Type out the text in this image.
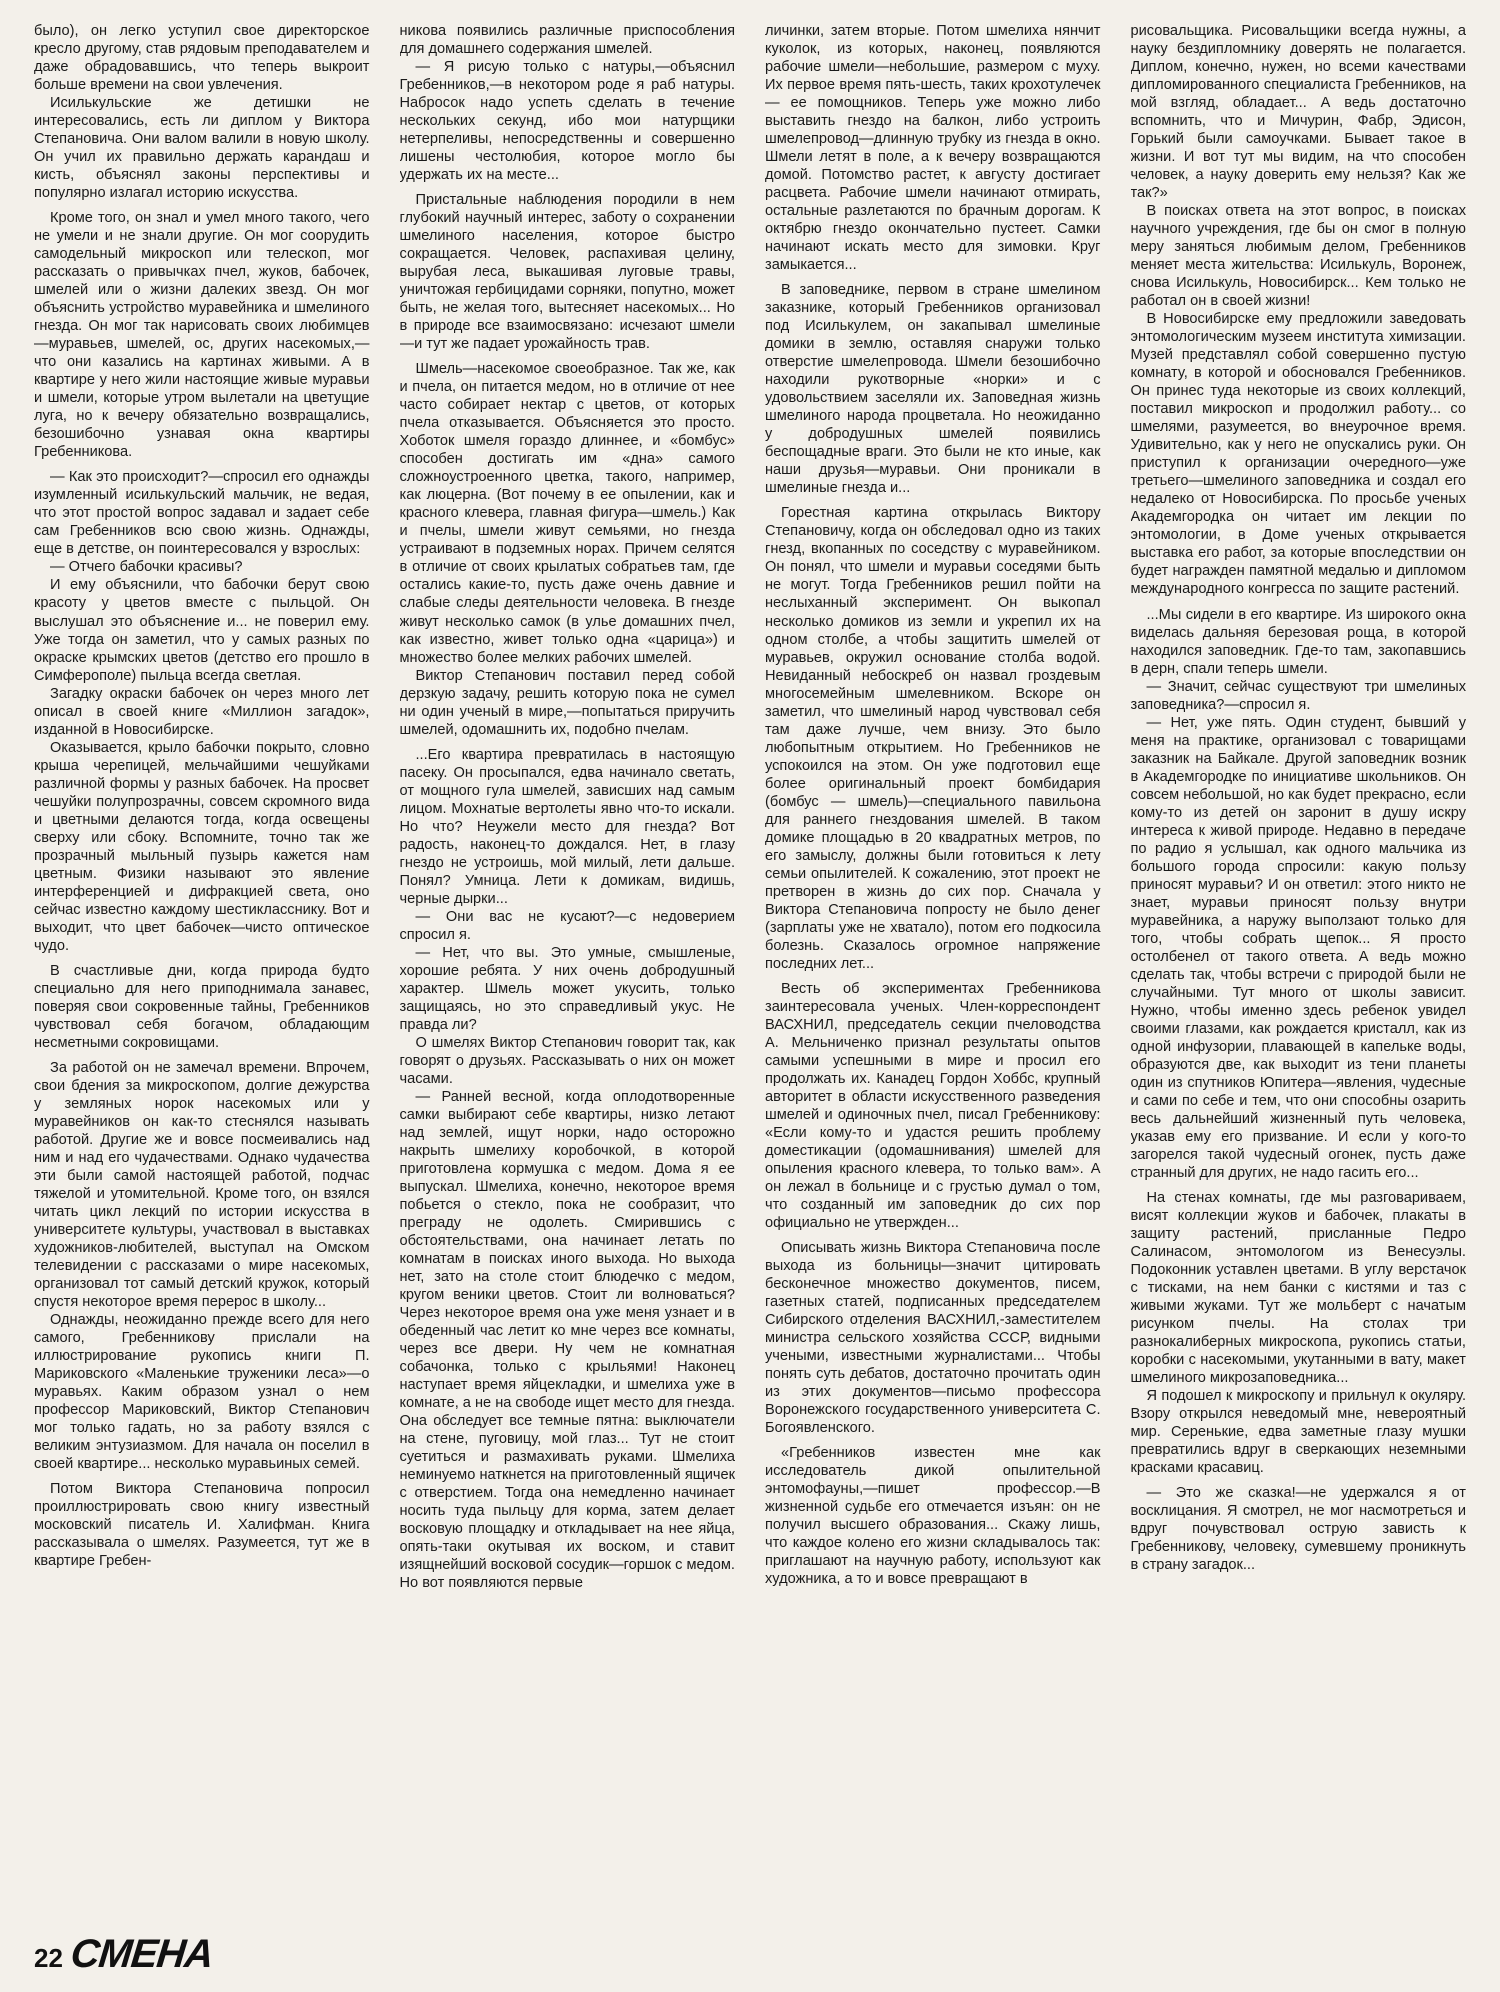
было), он легко уступил свое директорское кресло другому, став рядовым преподавателем и даже обрадовавшись, что теперь выкроит больше времени на свои увлечения.

Исилькульские же детишки не интересовались, есть ли диплом у Виктора Степановича. Они валом валили в новую школу. Он учил их правильно держать карандаш и кисть, объяснял законы перспективы и популярно излагал историю искусства.

Кроме того, он знал и умел много такого, чего не умели и не знали другие. Он мог соорудить самодельный микроскоп или телескоп, мог рассказать о привычках пчел, жуков, бабочек, шмелей или о жизни далеких звезд. Он мог объяснить устройство муравейника и шмелиного гнезда. Он мог так нарисовать своих любимцев—муравьев, шмелей, ос, других насекомых,—что они казались на картинах живыми. А в квартире у него жили настоящие живые муравьи и шмели, которые утром вылетали на цветущие луга, но к вечеру обязательно возвращались, безошибочно узнавая окна квартиры Гребенникова.

— Как это происходит?—спросил его однажды изумленный исилькульский мальчик, не ведая, что этот простой вопрос задавал и задает себе сам Гребенников всю свою жизнь. Однажды, еще в детстве, он поинтересовался у взрослых:

— Отчего бабочки красивы?

И ему объяснили, что бабочки берут свою красоту у цветов вместе с пыльцой. Он выслушал это объяснение и... не поверил ему. Уже тогда он заметил, что у самых разных по окраске крымских цветов (детство его прошло в Симферополе) пыльца всегда светлая.

Загадку окраски бабочек он через много лет описал в своей книге «Миллион загадок», изданной в Новосибирске.

Оказывается, крыло бабочки покрыто, словно крыша черепицей, мельчайшими чешуйками различной формы у разных бабочек. На просвет чешуйки полупрозрачны, совсем скромного вида и цветными делаются тогда, когда освещены сверху или сбоку. Вспомните, точно так же прозрачный мыльный пузырь кажется нам цветным. Физики называют это явление интерференцией и дифракцией света, оно сейчас известно каждому шестикласснику. Вот и выходит, что цвет бабочек—чисто оптическое чудо.

В счастливые дни, когда природа будто специально для него приподнимала занавес, поверяя свои сокровенные тайны, Гребенников чувствовал себя богачом, обладающим несметными сокровищами.

За работой он не замечал времени. Впрочем, свои бдения за микроскопом, долгие дежурства у земляных норок насекомых или у муравейников он как-то стеснялся называть работой. Другие же и вовсе посмеивались над ним и над его чудачествами. Однако чудачества эти были самой настоящей работой, подчас тяжелой и утомительной. Кроме того, он взялся читать цикл лекций по истории искусства в университете культуры, участвовал в выставках художников-любителей, выступал на Омском телевидении с рассказами о мире насекомых, организовал тот самый детский кружок, который спустя некоторое время перерос в школу...

Однажды, неожиданно прежде всего для него самого, Гребенникову прислали на иллюстрирование рукопись книги П. Мариковского «Маленькие труженики леса»—о муравьях. Каким образом узнал о нем профессор Мариковский, Виктор Степанович мог только гадать, но за работу взялся с великим энтузиазмом. Для начала он поселил в своей квартире... несколько муравьиных семей.

Потом Виктора Степановича попросил проиллюстрировать свою книгу известный московский писатель И. Халифман. Книга рассказывала о шмелях. Разумеется, тут же в квартире Гребен-

никова появились различные приспособления для домашнего содержания шмелей.

— Я рисую только с натуры,—объяснил Гребенников,—в некотором роде я раб натуры. Набросок надо успеть сделать в течение нескольких секунд, ибо мои натурщики нетерпеливы, непосредственны и совершенно лишены честолюбия, которое могло бы удержать их на месте...

Пристальные наблюдения породили в нем глубокий научный интерес, заботу о сохранении шмелиного населения, которое быстро сокращается. Человек, распахивая целину, вырубая леса, выкашивая луговые травы, уничтожая гербицидами сорняки, попутно, может быть, не желая того, вытесняет насекомых... Но в природе все взаимосвязано: исчезают шмели—и тут же падает урожайность трав.

Шмель—насекомое своеобразное. Так же, как и пчела, он питается медом, но в отличие от нее часто собирает нектар с цветов, от которых пчела отказывается. Объясняется это просто. Хоботок шмеля гораздо длиннее, и «бомбус» способен достигать им «дна» самого сложноустроенного цветка, такого, например, как люцерна. (Вот почему в ее опылении, как и красного клевера, главная фигура—шмель.) Как и пчелы, шмели живут семьями, но гнезда устраивают в подземных норах. Причем селятся в отличие от своих крылатых собратьев там, где остались какие-то, пусть даже очень давние и слабые следы деятельности человека. В гнезде живут несколько самок (в улье домашних пчел, как известно, живет только одна «царица») и множество более мелких рабочих шмелей.

Виктор Степанович поставил перед собой дерзкую задачу, решить которую пока не сумел ни один ученый в мире,—попытаться приручить шмелей, одомашнить их, подобно пчелам.

...Его квартира превратилась в настоящую пасеку. Он просыпался, едва начинало светать, от мощного гула шмелей, зависших над самым лицом. Мохнатые вертолеты явно что-то искали. Но что? Неужели место для гнезда? Вот радость, наконец-то дождался. Нет, в глазу гнездо не устроишь, мой милый, лети дальше. Понял? Умница. Лети к домикам, видишь, черные дырки...

— Они вас не кусают?—с недоверием спросил я.

— Нет, что вы. Это умные, смышленые, хорошие ребята. У них очень добродушный характер. Шмель может укусить, только защищаясь, но это справедливый укус. Не правда ли?

О шмелях Виктор Степанович говорит так, как говорят о друзьях. Рассказывать о них он может часами.

— Ранней весной, когда оплодотворенные самки выбирают себе квартиры, низко летают над землей, ищут норки, надо осторожно накрыть шмелиху коробочкой, в которой приготовлена кормушка с медом. Дома я ее выпускал. Шмелиха, конечно, некоторое время побьется о стекло, пока не сообразит, что преграду не одолеть. Смирившись с обстоятельствами, она начинает летать по комнатам в поисках иного выхода. Но выхода нет, зато на столе стоит блюдечко с медом, кругом веники цветов. Стоит ли волноваться? Через некоторое время она уже меня узнает и в обеденный час летит ко мне через все комнаты, через все двери. Ну чем не комнатная собачонка, только с крыльями! Наконец наступает время яйцекладки, и шмелиха уже в комнате, а не на свободе ищет место для гнезда. Она обследует все темные пятна: выключатели на стене, пуговицу, мой глаз... Тут не стоит суетиться и размахивать руками. Шмелиха неминуемо наткнется на приготовленный ящичек с отверстием. Тогда она немедленно начинает носить туда пыльцу для корма, затем делает восковую площадку и откладывает на нее яйца, опять-таки окутывая их воском, и ставит изящнейший восковой сосудик—горшок с медом. Но вот появляются первые

личинки, затем вторые. Потом шмелиха нянчит куколок, из которых, наконец, появляются рабочие шмели—небольшие, размером с муху. Их первое время пять-шесть, таких крохотулечек — ее помощников. Теперь уже можно либо выставить гнездо на балкон, либо устроить шмелепровод—длинную трубку из гнезда в окно. Шмели летят в поле, а к вечеру возвращаются домой. Потомство растет, к августу достигает расцвета. Рабочие шмели начинают отмирать, остальные разлетаются по брачным дорогам. К октябрю гнездо окончательно пустеет. Самки начинают искать место для зимовки. Круг замыкается...

В заповеднике, первом в стране шмелином заказнике, который Гребенников организовал под Исилькулем, он закапывал шмелиные домики в землю, оставляя снаружи только отверстие шмелепровода. Шмели безошибочно находили рукотворные «норки» и с удовольствием заселяли их. Заповедная жизнь шмелиного народа процветала. Но неожиданно у добродушных шмелей появились беспощадные враги. Это были не кто иные, как наши друзья—муравьи. Они проникали в шмелиные гнезда и...

Горестная картина открылась Виктору Степановичу, когда он обследовал одно из таких гнезд, вкопанных по соседству с муравейником. Он понял, что шмели и муравьи соседями быть не могут. Тогда Гребенников решил пойти на неслыханный эксперимент. Он выкопал несколько домиков из земли и укрепил их на одном столбе, а чтобы защитить шмелей от муравьев, окружил основание столба водой. Невиданный небоскреб он назвал гроздевым многосемейным шмелевником. Вскоре он заметил, что шмелиный народ чувствовал себя там даже лучше, чем внизу. Это было любопытным открытием. Но Гребенников не успокоился на этом. Он уже подготовил еще более оригинальный проект бомбидария (бомбус — шмель)—специального павильона для раннего гнездования шмелей. В таком домике площадью в 20 квадратных метров, по его замыслу, должны были готовиться к лету семьи опылителей. К сожалению, этот проект не претворен в жизнь до сих пор. Сначала у Виктора Степановича попросту не было денег (зарплаты уже не хватало), потом его подкосила болезнь. Сказалось огромное напряжение последних лет...

Весть об экспериментах Гребенникова заинтересовала ученых. Член-корреспондент ВАСХНИЛ, председатель секции пчеловодства А. Мельниченко признал результаты опытов самыми успешными в мире и просил его продолжать их. Канадец Гордон Хоббс, крупный авторитет в области искусственного разведения шмелей и одиночных пчел, писал Гребенникову: «Если кому-то и удастся решить проблему доместикации (одомашнивания) шмелей для опыления красного клевера, то только вам». А он лежал в больнице и с грустью думал о том, что созданный им заповедник до сих пор официально не утвержден...

Описывать жизнь Виктора Степановича после выхода из больницы—значит цитировать бесконечное множество документов, писем, газетных статей, подписанных председателем Сибирского отделения ВАСХНИЛ,-заместителем министра сельского хозяйства СССР, видными учеными, известными журналистами... Чтобы понять суть дебатов, достаточно прочитать один из этих документов—письмо профессора Воронежского государственного университета С. Богоявленского.

«Гребенников известен мне как исследователь дикой опылительной энтомофауны,—пишет профессор.—В жизненной судьбе его отмечается изъян: он не получил высшего образования... Скажу лишь, что каждое колено его жизни складывалось так: приглашают на научную работу, используют как художника, а то и вовсе превращают в

рисовальщика. Рисовальщики всегда нужны, а науку бездипломнику доверять не полагается. Диплом, конечно, нужен, но всеми качествами дипломированного специалиста Гребенников, на мой взгляд, обладает... А ведь достаточно вспомнить, что и Мичурин, Фабр, Эдисон, Горький были самоучками. Бывает такое в жизни. И вот тут мы видим, на что способен человек, а науку доверить ему нельзя? Как же так?»

В поисках ответа на этот вопрос, в поисках научного учреждения, где бы он смог в полную меру заняться любимым делом, Гребенников меняет места жительства: Исилькуль, Воронеж, снова Исилькуль, Новосибирск... Кем только не работал он в своей жизни!

В Новосибирске ему предложили заведовать энтомологическим музеем института химизации. Музей представлял собой совершенно пустую комнату, в которой и обосновался Гребенников. Он принес туда некоторые из своих коллекций, поставил микроскоп и продолжил работу... со шмелями, разумеется, во внеурочное время. Удивительно, как у него не опускались руки. Он приступил к организации очередного—уже третьего—шмелиного заповедника и создал его недалеко от Новосибирска. По просьбе ученых Академгородка он читает им лекции по энтомологии, в Доме ученых открывается выставка его работ, за которые впоследствии он будет награжден памятной медалью и дипломом международного конгресса по защите растений.

...Мы сидели в его квартире. Из широкого окна виделась дальняя березовая роща, в которой находился заповедник. Где-то там, закопавшись в дерн, спали теперь шмели.

— Значит, сейчас существуют три шмелиных заповедника?—спросил я.

— Нет, уже пять. Один студент, бывший у меня на практике, организовал с товарищами заказник на Байкале. Другой заповедник возник в Академгородке по инициативе школьников. Он совсем небольшой, но как будет прекрасно, если кому-то из детей он заронит в душу искру интереса к живой природе. Недавно в передаче по радио я услышал, как одного мальчика из большого города спросили: какую пользу приносят муравьи? И он ответил: этого никто не знает, муравьи приносят пользу внутри муравейника, а наружу выползают только для того, чтобы собрать щепок... Я просто остолбенел от такого ответа. А ведь можно сделать так, чтобы встречи с природой были не случайными. Тут много от школы зависит. Нужно, чтобы именно здесь ребенок увидел своими глазами, как рождается кристалл, как из одной инфузории, плавающей в капельке воды, образуются две, как выходит из тени планеты один из спутников Юпитера—явления, чудесные и сами по себе и тем, что они способны озарить весь дальнейший жизненный путь человека, указав ему его призвание. И если у кого-то загорелся такой чудесный огонек, пусть даже странный для других, не надо гасить его...

На стенах комнаты, где мы разговариваем, висят коллекции жуков и бабочек, плакаты в защиту растений, присланные Педро Салинасом, энтомологом из Венесуэлы. Подоконник уставлен цветами. В углу верстачок с тисками, на нем банки с кистями и таз с живыми жуками. Тут же мольберт с начатым рисунком пчелы. На столах три разнокалиберных микроскопа, рукопись статьи, коробки с насекомыми, укутанными в вату, макет шмелиного микрозаповедника...

Я подошел к микроскопу и прильнул к окуляру. Взору открылся неведомый мне, невероятный мир. Серенькие, едва заметные глазу мушки превратились вдруг в сверкающих неземными красками красавиц.

— Это же сказка!—не удержался я от восклицания. Я смотрел, не мог насмотреться и вдруг почувствовал острую зависть к Гребенникову, человеку, сумевшему проникнуть в страну загадок...

22 СМЕНА
